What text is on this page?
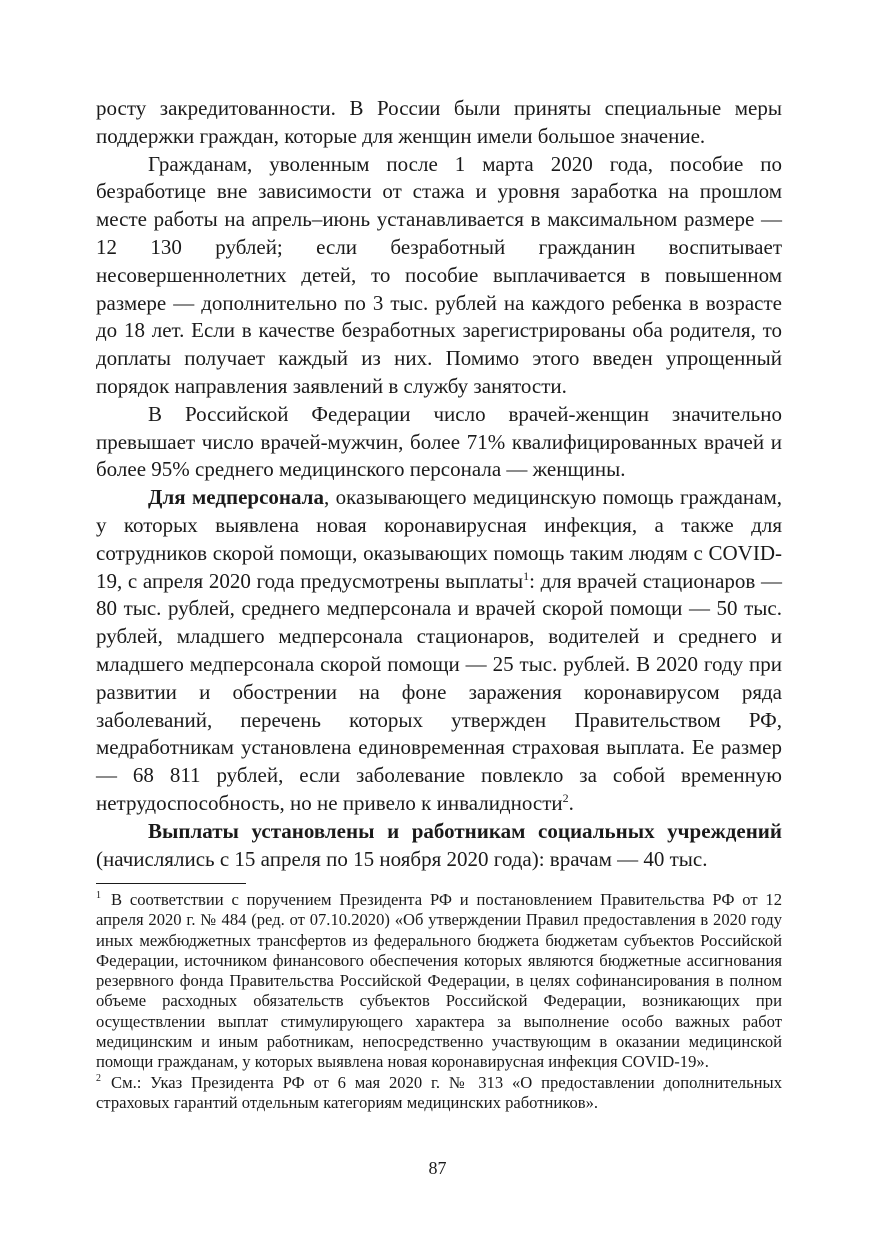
росту закредитованности. В России были приняты специальные меры поддержки граждан, которые для женщин имели большое значение.

Гражданам, уволенным после 1 марта 2020 года, пособие по безработице вне зависимости от стажа и уровня заработка на прошлом месте работы на апрель–июнь устанавливается в максимальном размере — 12 130 рублей; если безработный гражданин воспитывает несовершеннолетних детей, то пособие выплачивается в повышенном размере — дополнительно по 3 тыс. рублей на каждого ребенка в возрасте до 18 лет. Если в качестве безработных зарегистрированы оба родителя, то доплаты получает каждый из них. Помимо этого введен упрощенный порядок направления заявлений в службу занятости.

В Российской Федерации число врачей-женщин значительно превышает число врачей-мужчин, более 71% квалифицированных врачей и более 95% среднего медицинского персонала — женщины.

Для медперсонала, оказывающего медицинскую помощь гражданам, у которых выявлена новая коронавирусная инфекция, а также для сотрудников скорой помощи, оказывающих помощь таким людям с COVID-19, с апреля 2020 года предусмотрены выплаты$^1$: для врачей стационаров — 80 тыс. рублей, среднего медперсонала и врачей скорой помощи — 50 тыс. рублей, младшего медперсонала стационаров, водителей и среднего и младшего медперсонала скорой помощи — 25 тыс. рублей. В 2020 году при развитии и обострении на фоне заражения коронавирусом ряда заболеваний, перечень которых утвержден Правительством РФ, медработникам установлена единовременная страховая выплата. Ее размер — 68 811 рублей, если заболевание повлекло за собой временную нетрудоспособность, но не привело к инвалидности$^2$.

Выплаты установлены и работникам социальных учреждений (начислялись с 15 апреля по 15 ноября 2020 года): врачам — 40 тыс.

$^1$ В соответствии с поручением Президента РФ и постановлением Правительства РФ от 12 апреля 2020 г. № 484 (ред. от 07.10.2020) «Об утверждении Правил предоставления в 2020 году иных межбюджетных трансфертов из федерального бюджета бюджетам субъектов Российской Федерации, источником финансового обеспечения которых являются бюджетные ассигнования резервного фонда Правительства Российской Федерации, в целях софинансирования в полном объеме расходных обязательств субъектов Российской Федерации, возникающих при осуществлении выплат стимулирующего характера за выполнение особо важных работ медицинским и иным работникам, непосредственно участвующим в оказании медицинской помощи гражданам, у которых выявлена новая коронавирусная инфекция COVID-19».

$^2$ См.: Указ Президента РФ от 6 мая 2020 г. № 313 «О предоставлении дополнительных страховых гарантий отдельным категориям медицинских работников».

87
